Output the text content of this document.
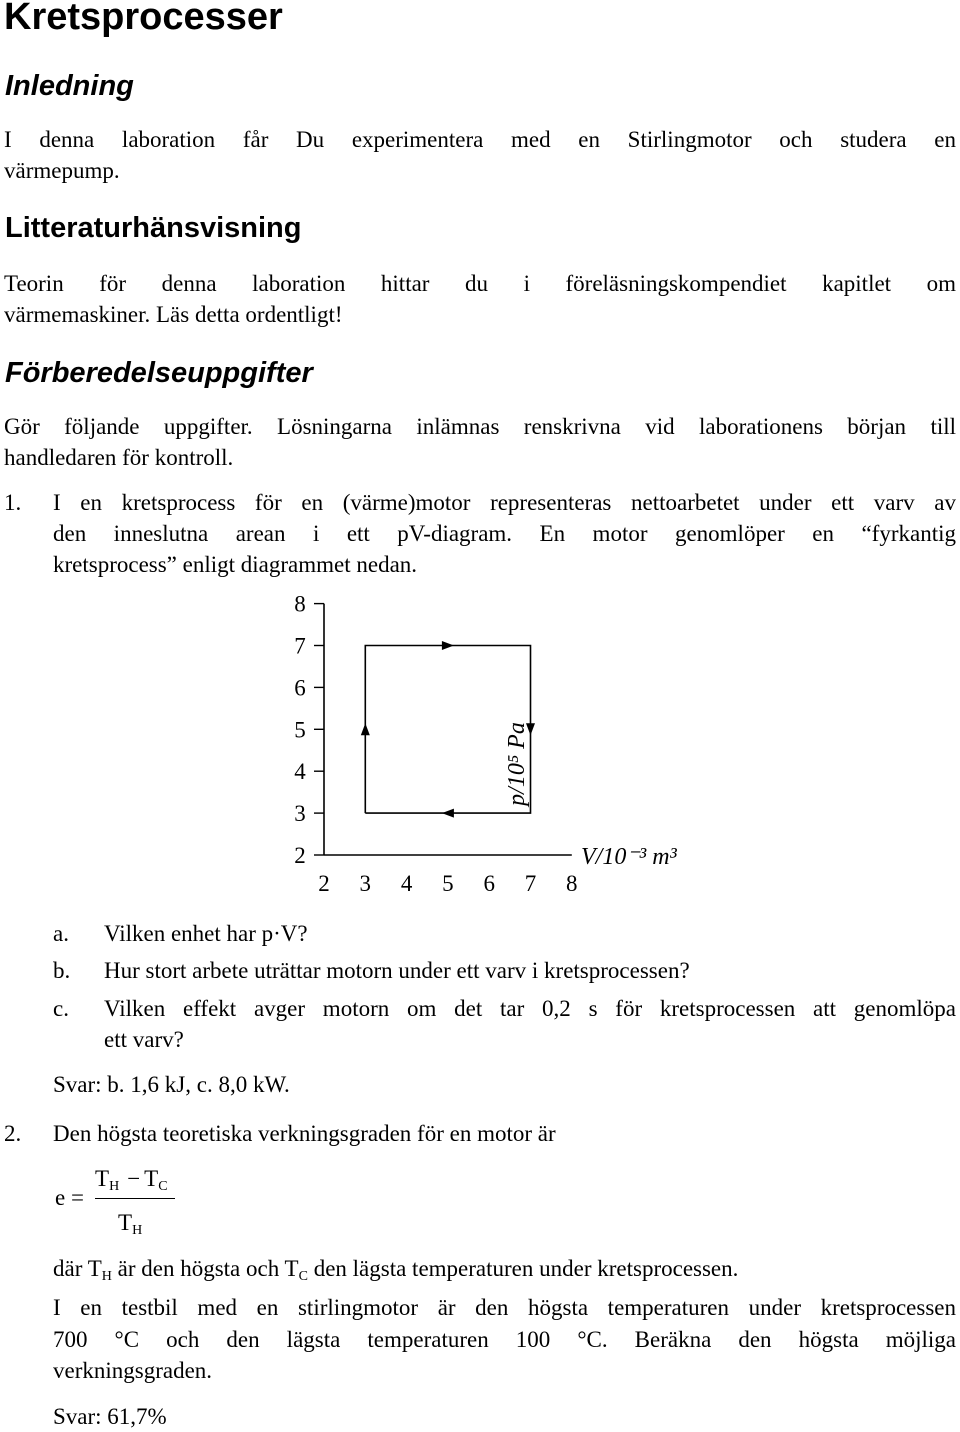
Kretsprocesser
Inledning
I denna laboration får Du experimentera med en Stirlingmotor och studera en
värmepump.
Litteraturhänsvisning
Teorin för denna laboration hittar du i föreläsningskompendiet kapitlet om
värmemaskiner. Läs detta ordentligt!
Förberedelseuppgifter
Gör följande uppgifter. Lösningarna inlämnas renskrivna vid laborationens början till
handledaren för kontroll.
1. I en kretsprocess för en (värme)motor representeras nettoarbetet under ett varv av
den inneslutna arean i ett pV-diagram. En motor genomlöper en “fyrkantig
kretsprocess” enligt diagrammet nedan.
2
3
4
5
6
7
8
2 3 4 5 6 7 8
p/10⁵ Pa
V/10⁻³ m³
a. Vilken enhet har p·V?
b. Hur stort arbete uträttar motorn under ett varv i kretsprocessen?
c. Vilken effekt avger motorn om det tar 0,2 s för kretsprocessen att genomlöpa
ett varv?
Svar: b. 1,6 kJ, c. 8,0 kW.
2. Den högsta teoretiska verkningsgraden för en motor är
e =
$T_H - T_C$
$T_H$
där $T_H$ är den högsta och $T_C$ den lägsta temperaturen under kretsprocessen.
I en testbil med en stirlingmotor är den högsta temperaturen under kretsprocessen
700 °C och den lägsta temperaturen 100 °C. Beräkna den högsta möjliga
verkningsgraden.
Svar: 61,7%
